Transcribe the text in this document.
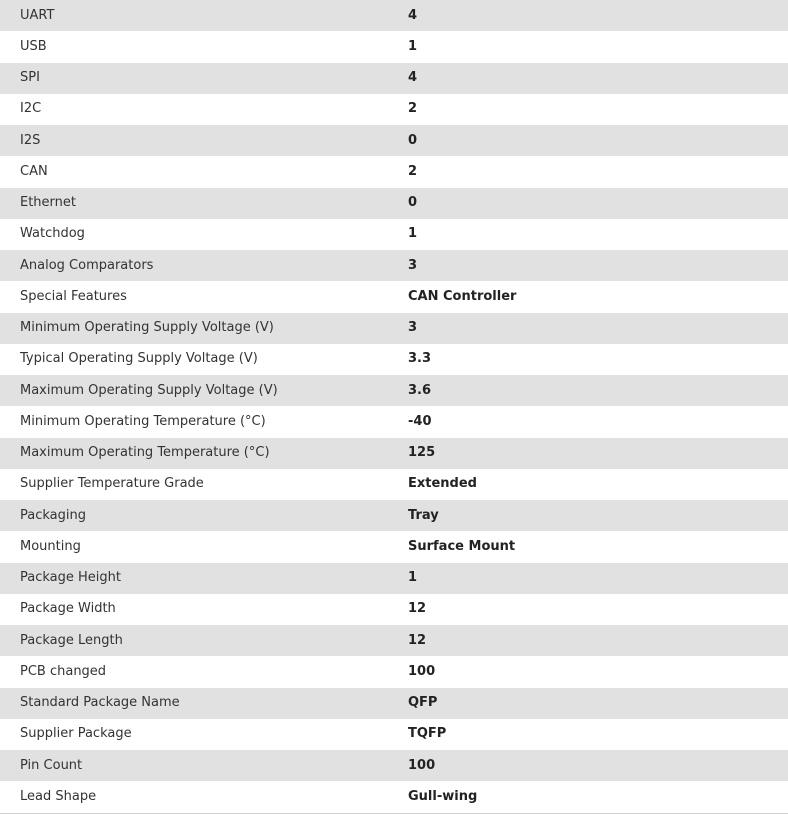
UART	4
USB	1
SPI	4
I2C	2
I2S	0
CAN	2
Ethernet	0
Watchdog	1
Analog Comparators	3
Special Features	CAN Controller
Minimum Operating Supply Voltage (V)	3
Typical Operating Supply Voltage (V)	3.3
Maximum Operating Supply Voltage (V)	3.6
Minimum Operating Temperature (°C)	-40
Maximum Operating Temperature (°C)	125
Supplier Temperature Grade	Extended
Packaging	Tray
Mounting	Surface Mount
Package Height	1
Package Width	12
Package Length	12
PCB changed	100
Standard Package Name	QFP
Supplier Package	TQFP
Pin Count	100
Lead Shape	Gull-wing
